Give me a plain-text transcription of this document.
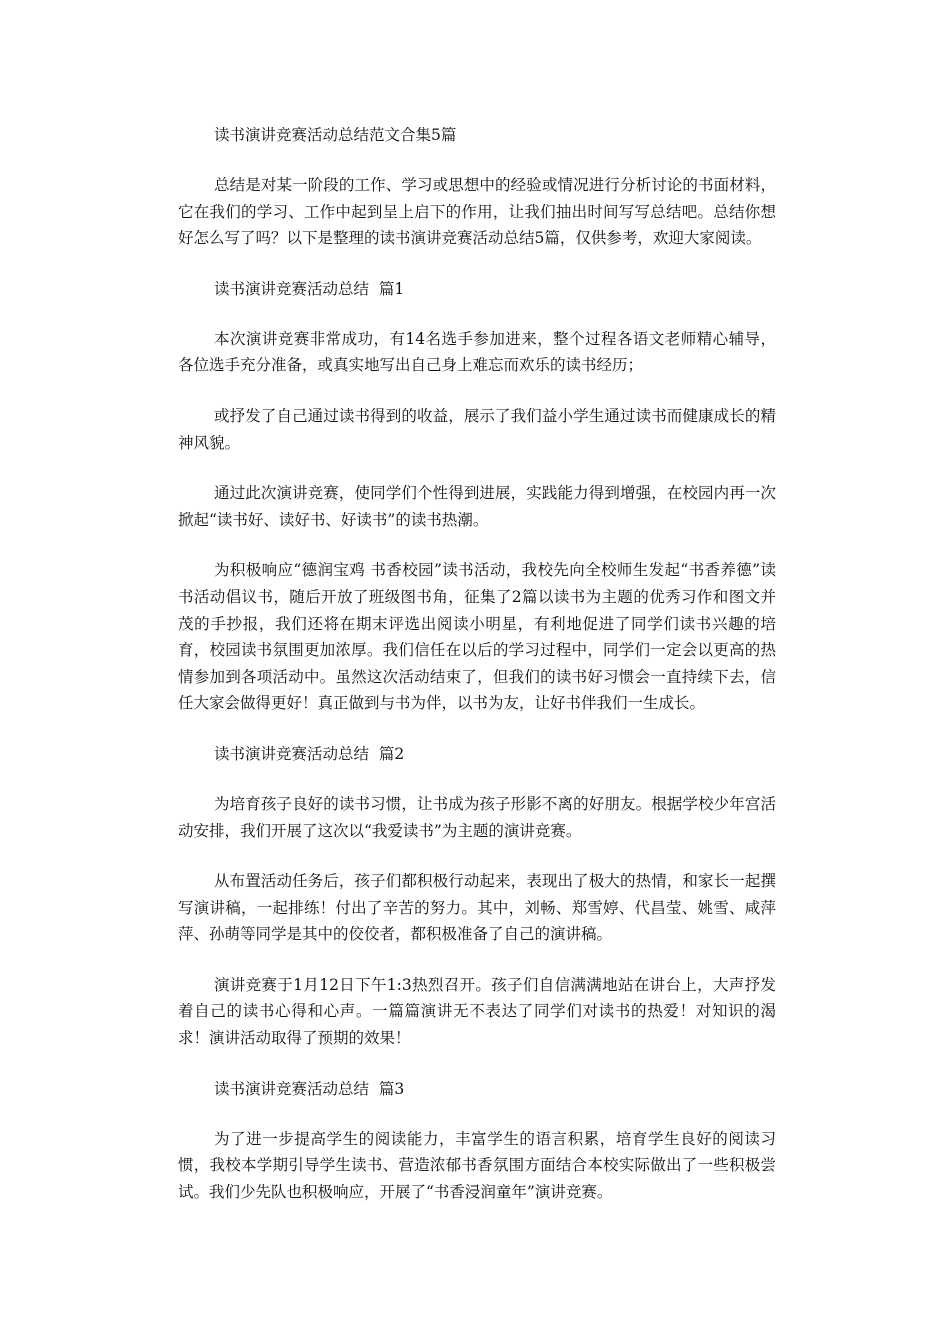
读书演讲竞赛活动总结范文合集5篇

总结是对某一阶段的工作、学习或思想中的经验或情况进行分析讨论的书面材料，它在我们的学习、工作中起到呈上启下的作用，让我们抽出时间写写总结吧。总结你想好怎么写了吗？以下是整理的读书演讲竞赛活动总结5篇，仅供参考，欢迎大家阅读。

读书演讲竞赛活动总结  篇1

本次演讲竞赛非常成功，有14名选手参加进来，整个过程各语文老师精心辅导，各位选手充分准备，或真实地写出自己身上难忘而欢乐的读书经历；

或抒发了自己通过读书得到的收益，展示了我们益小学生通过读书而健康成长的精神风貌。

通过此次演讲竞赛，使同学们个性得到进展，实践能力得到增强，在校园内再一次掀起“读书好、读好书、好读书”的读书热潮。

为积极响应“德润宝鸡 书香校园”读书活动，我校先向全校师生发起“书香养德”读书活动倡议书，随后开放了班级图书角，征集了2篇以读书为主题的优秀习作和图文并茂的手抄报，我们还将在期末评选出阅读小明星，有利地促进了同学们读书兴趣的培育，校园读书氛围更加浓厚。我们信任在以后的学习过程中，同学们一定会以更高的热情参加到各项活动中。虽然这次活动结束了，但我们的读书好习惯会一直持续下去，信任大家会做得更好！真正做到与书为伴，以书为友，让好书伴我们一生成长。

读书演讲竞赛活动总结  篇2

为培育孩子良好的读书习惯，让书成为孩子形影不离的好朋友。根据学校少年宫活动安排，我们开展了这次以“我爱读书”为主题的演讲竞赛。

从布置活动任务后，孩子们都积极行动起来，表现出了极大的热情，和家长一起撰写演讲稿，一起排练！付出了辛苦的努力。其中，刘畅、郑雪婷、代昌莹、姚雪、咸萍萍、孙萌等同学是其中的佼佼者，都积极准备了自己的演讲稿。

演讲竞赛于1月12日下午1:3热烈召开。孩子们自信满满地站在讲台上，大声抒发着自己的读书心得和心声。一篇篇演讲无不表达了同学们对读书的热爱！对知识的渴求！演讲活动取得了预期的效果！

读书演讲竞赛活动总结  篇3

为了进一步提高学生的阅读能力，丰富学生的语言积累，培育学生良好的阅读习惯，我校本学期引导学生读书、营造浓郁书香氛围方面结合本校实际做出了一些积极尝试。我们少先队也积极响应，开展了“书香浸润童年”演讲竞赛。
